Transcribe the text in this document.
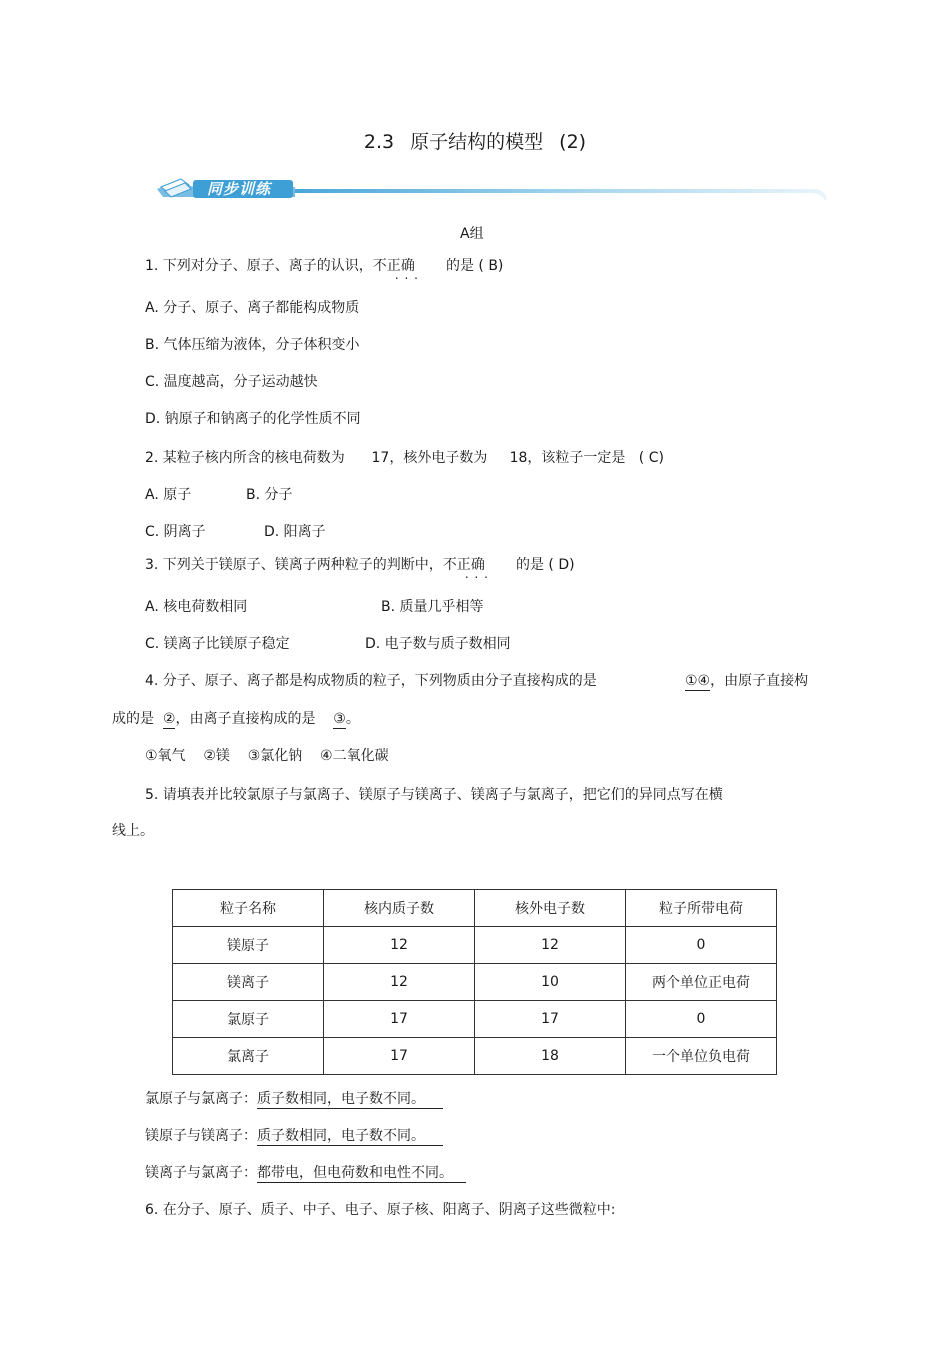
2.3 原子结构的模型 (2)
同步训练
A组
1. 下列对分子、原子、离子的认识，不正确 . . . 的是 ( B)
A. 分子、原子、离子都能构成物质
B. 气体压缩为液体，分子体积变小
C. 温度越高，分子运动越快
D. 钠原子和钠离子的化学性质不同
2. 某粒子核内所含的核电荷数为 17，核外电子数为 18，该粒子一定是 ( C)
A. 原子	B. 分子
C. 阴离子	D. 阳离子
3. 下列关于镁原子、镁离子两种粒子的判断中，不正确 . . . 的是 ( D)
A. 核电荷数相同	B. 质量几乎相等
C. 镁离子比镁原子稳定	D. 电子数与质子数相同
4. 分子、原子、离子都是构成物质的粒子，下列物质由分子直接构成的是	①④，由原子直接构
成的是 ②，由离子直接构成的是 ③。
①氧气    ②镁    ③氯化钠    ④二氧化碳
5. 请填表并比较氯原子与氯离子、镁原子与镁离子、镁离子与氯离子，把它们的异同点写在横
线上。
粒子名称	核内质子数	核外电子数	粒子所带电荷
镁原子	12	12	0
镁离子	12	10	两个单位正电荷
氯原子	17	17	0
氯离子	17	18	一个单位负电荷
氯原子与氯离子：质子数相同，电子数不同。
镁原子与镁离子：质子数相同，电子数不同。
镁离子与氯离子：都带电，但电荷数和电性不同。
6. 在分子、原子、质子、中子、电子、原子核、阳离子、阴离子这些微粒中:
